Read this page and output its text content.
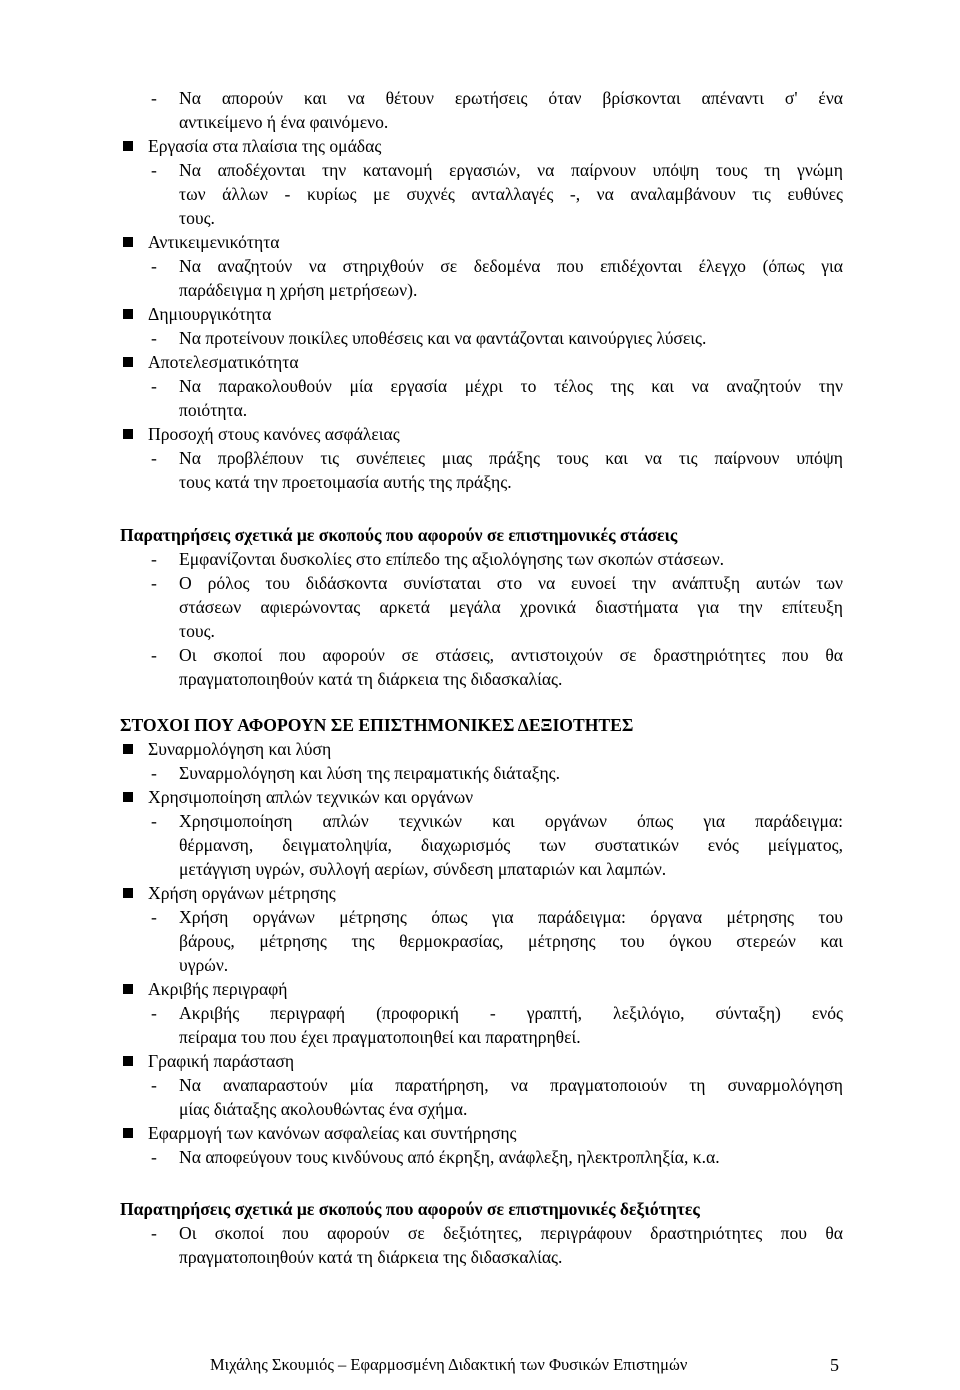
- Να απορούν και να θέτουν ερωτήσεις όταν βρίσκονται απέναντι σ' ένα
αντικείμενο ή ένα φαινόμενο.
Εργασία στα πλαίσια της ομάδας
- Να αποδέχονται την κατανομή εργασιών, να παίρνουν υπόψη τους τη γνώμη
των άλλων - κυρίως με συχνές ανταλλαγές -, να αναλαμβάνουν τις ευθύνες
τους.
Αντικειμενικότητα
- Να αναζητούν να στηριχθούν σε δεδομένα που επιδέχονται έλεγχο (όπως για
παράδειγμα η χρήση μετρήσεων).
Δημιουργικότητα
- Να προτείνουν ποικίλες υποθέσεις και να φαντάζονται καινούργιες λύσεις.
Αποτελεσματικότητα
- Να παρακολουθούν μία εργασία μέχρι το τέλος της και να αναζητούν την
ποιότητα.
Προσοχή στους κανόνες ασφάλειας
- Να προβλέπουν τις συνέπειες μιας πράξης τους και να τις παίρνουν υπόψη
τους κατά την προετοιμασία αυτής της πράξης.
Παρατηρήσεις σχετικά με σκοπούς που αφορούν σε επιστημονικές στάσεις
- Εμφανίζονται δυσκολίες στο επίπεδο της αξιολόγησης των σκοπών στάσεων.
- Ο ρόλος του διδάσκοντα συνίσταται στο να ευνοεί την ανάπτυξη αυτών των
στάσεων αφιερώνοντας αρκετά μεγάλα χρονικά διαστήματα για την επίτευξη
τους.
- Οι σκοποί που αφορούν σε στάσεις, αντιστοιχούν σε δραστηριότητες που θα
πραγματοποιηθούν κατά τη διάρκεια της διδασκαλίας.
ΣΤΟΧΟΙ ΠΟΥ ΑΦΟΡΟΥΝ ΣΕ ΕΠΙΣΤΗΜΟΝΙΚΕΣ ΔΕΞΙΟΤΗΤΕΣ
Συναρμολόγηση και λύση
- Συναρμολόγηση και λύση της πειραματικής διάταξης.
Χρησιμοποίηση απλών τεχνικών και οργάνων
- Χρησιμοποίηση απλών τεχνικών και οργάνων όπως για παράδειγμα:
θέρμανση, δειγματοληψία, διαχωρισμός των συστατικών ενός μείγματος,
μετάγγιση υγρών, συλλογή αερίων, σύνδεση μπαταριών και λαμπών.
Χρήση οργάνων μέτρησης
- Χρήση οργάνων μέτρησης όπως για παράδειγμα: όργανα μέτρησης του
βάρους, μέτρησης της θερμοκρασίας, μέτρησης του όγκου στερεών και
υγρών.
Ακριβής περιγραφή
- Ακριβής περιγραφή (προφορική - γραπτή, λεξιλόγιο, σύνταξη) ενός
πείραμα του που έχει πραγματοποιηθεί και παρατηρηθεί.
Γραφική παράσταση
- Να αναπαραστούν μία παρατήρηση, να πραγματοποιούν τη συναρμολόγηση
μίας διάταξης ακολουθώντας ένα σχήμα.
Εφαρμογή των κανόνων ασφαλείας και συντήρησης
- Να αποφεύγουν τους κινδύνους από έκρηξη, ανάφλεξη, ηλεκτροπληξία, κ.α.
Παρατηρήσεις σχετικά με σκοπούς που αφορούν σε επιστημονικές δεξιότητες
- Οι σκοποί που αφορούν σε δεξιότητες, περιγράφουν δραστηριότητες που θα
πραγματοποιηθούν κατά τη διάρκεια της διδασκαλίας.
Μιχάλης Σκουμιός – Εφαρμοσμένη Διδακτική των Φυσικών Επιστημών	5
